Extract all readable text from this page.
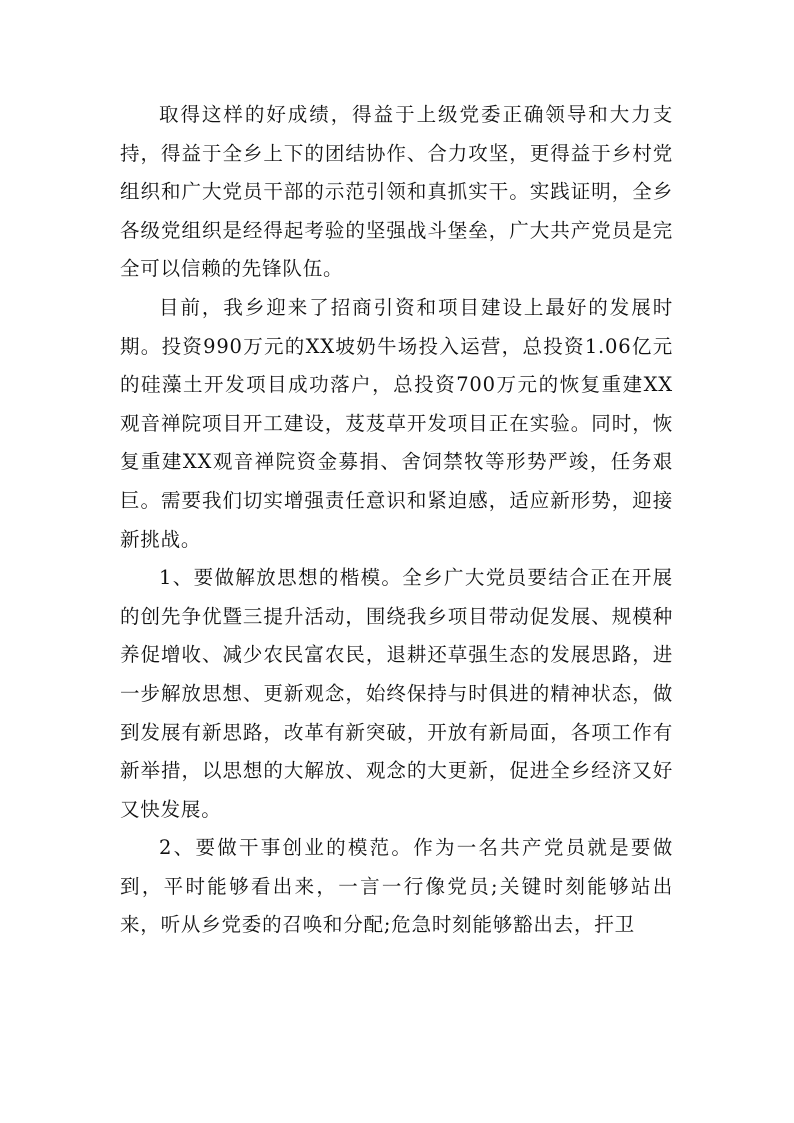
取得这样的好成绩，得益于上级党委正确领导和大力支持，得益于全乡上下的团结协作、合力攻坚，更得益于乡村党组织和广大党员干部的示范引领和真抓实干。实践证明，全乡各级党组织是经得起考验的坚强战斗堡垒，广大共产党员是完全可以信赖的先锋队伍。

目前，我乡迎来了招商引资和项目建设上最好的发展时期。投资990万元的XX坡奶牛场投入运营，总投资1.06亿元的硅藻土开发项目成功落户，总投资700万元的恢复重建XX观音禅院项目开工建设，芨芨草开发项目正在实验。同时，恢复重建XX观音禅院资金募捐、舍饲禁牧等形势严竣，任务艰巨。需要我们切实增强责任意识和紧迫感，适应新形势，迎接新挑战。

1、要做解放思想的楷模。全乡广大党员要结合正在开展的创先争优暨三提升活动，围绕我乡项目带动促发展、规模种养促增收、减少农民富农民，退耕还草强生态的发展思路，进一步解放思想、更新观念，始终保持与时俱进的精神状态，做到发展有新思路，改革有新突破，开放有新局面，各项工作有新举措，以思想的大解放、观念的大更新，促进全乡经济又好又快发展。

2、要做干事创业的模范。作为一名共产党员就是要做到，平时能够看出来，一言一行像党员;关键时刻能够站出来，听从乡党委的召唤和分配;危急时刻能够豁出去，扞卫
